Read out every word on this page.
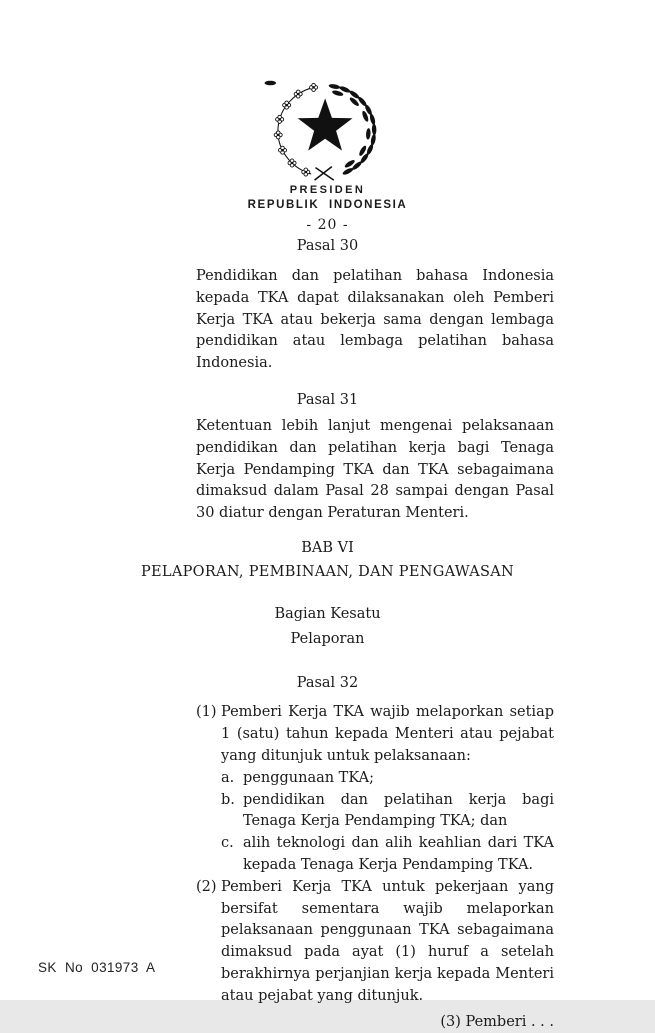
PRESIDEN
REPUBLIK INDONESIA
- 20 -
Pasal 30

Pendidikan dan pelatihan bahasa Indonesia kepada TKA dapat dilaksanakan oleh Pemberi Kerja TKA atau bekerja sama dengan lembaga pendidikan atau lembaga pelatihan bahasa Indonesia.

Pasal 31

Ketentuan lebih lanjut mengenai pelaksanaan pendidikan dan pelatihan kerja bagi Tenaga Kerja Pendamping TKA dan TKA sebagaimana dimaksud dalam Pasal 28 sampai dengan Pasal 30 diatur dengan Peraturan Menteri.

BAB VI
PELAPORAN, PEMBINAAN, DAN PENGAWASAN
Bagian Kesatu
Pelaporan
Pasal 32
(1) Pemberi Kerja TKA wajib melaporkan setiap 1 (satu) tahun kepada Menteri atau pejabat yang ditunjuk untuk pelaksanaan:
a. penggunaan TKA;
b. pendidikan dan pelatihan kerja bagi Tenaga Kerja Pendamping TKA; dan
c. alih teknologi dan alih keahlian dari TKA kepada Tenaga Kerja Pendamping TKA.
(2) Pemberi Kerja TKA untuk pekerjaan yang bersifat sementara wajib melaporkan pelaksanaan penggunaan TKA sebagaimana dimaksud pada ayat (1) huruf a setelah berakhirnya perjanjian kerja kepada Menteri atau pejabat yang ditunjuk.
(3) Pemberi . . .
SK No 031973 A
